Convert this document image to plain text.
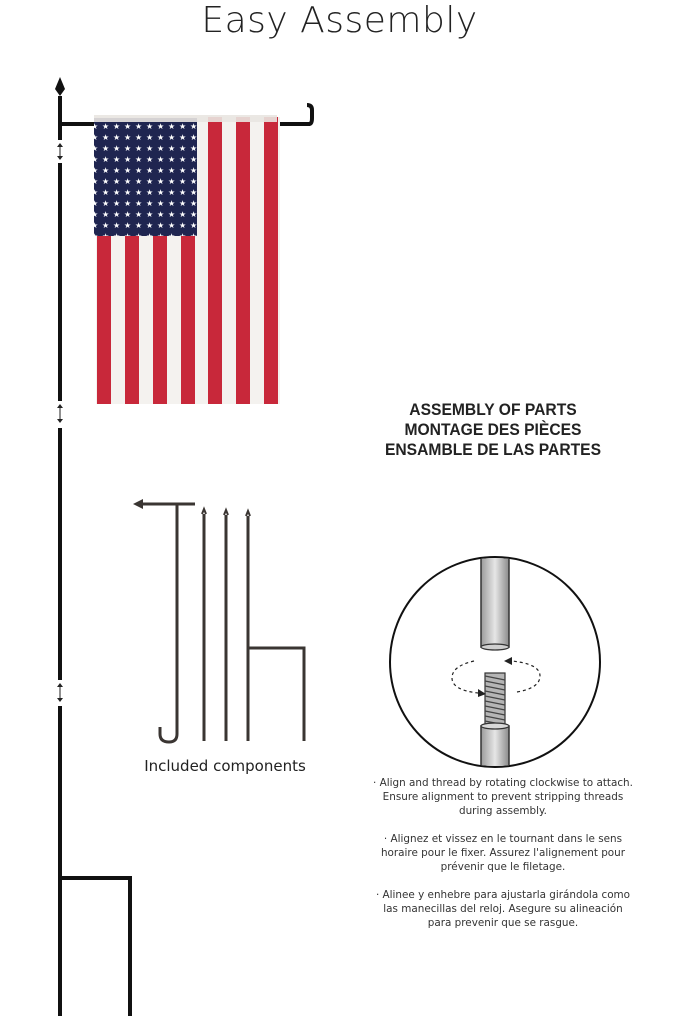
Easy Assembly
ASSEMBLY OF PARTS
MONTAGE DES PIÈCES
ENSAMBLE DE LAS PARTES
Included components

· Align and thread by rotating clockwise to attach. Ensure alignment to prevent stripping threads during assembly.

· Alignez et vissez en le tournant dans le sens horaire pour le fixer. Assurez l'alignement pour prévenir que le filetage.

· Alinee y enhebre para ajustarla girándola como las manecillas del reloj. Asegure su alineación para prevenir que se rasgue.
